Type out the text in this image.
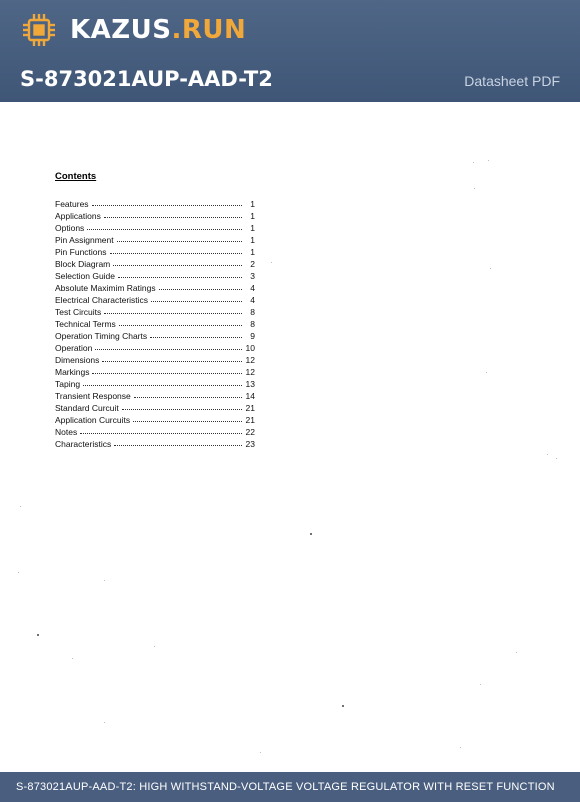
KAZUS.RUN
S-873021AUP-AAD-T2	Datasheet PDF
Contents
Features	1
Applications	1
Options	1
Pin Assignment	1
Pin Functions	1
Block Diagram	2
Selection Guide	3
Absolute Maximim Ratings	4
Electrical Characteristics	4
Test Circuits	8
Technical Terms	8
Operation Timing Charts	9
Operation	10
Dimensions	12
Markings	12
Taping	13
Transient Response	14
Standard Curcuit	21
Application Curcuits	21
Notes	22
Characteristics	23
S-873021AUP-AAD-T2: HIGH WITHSTAND-VOLTAGE VOLTAGE REGULATOR WITH RESET FUNCTION
